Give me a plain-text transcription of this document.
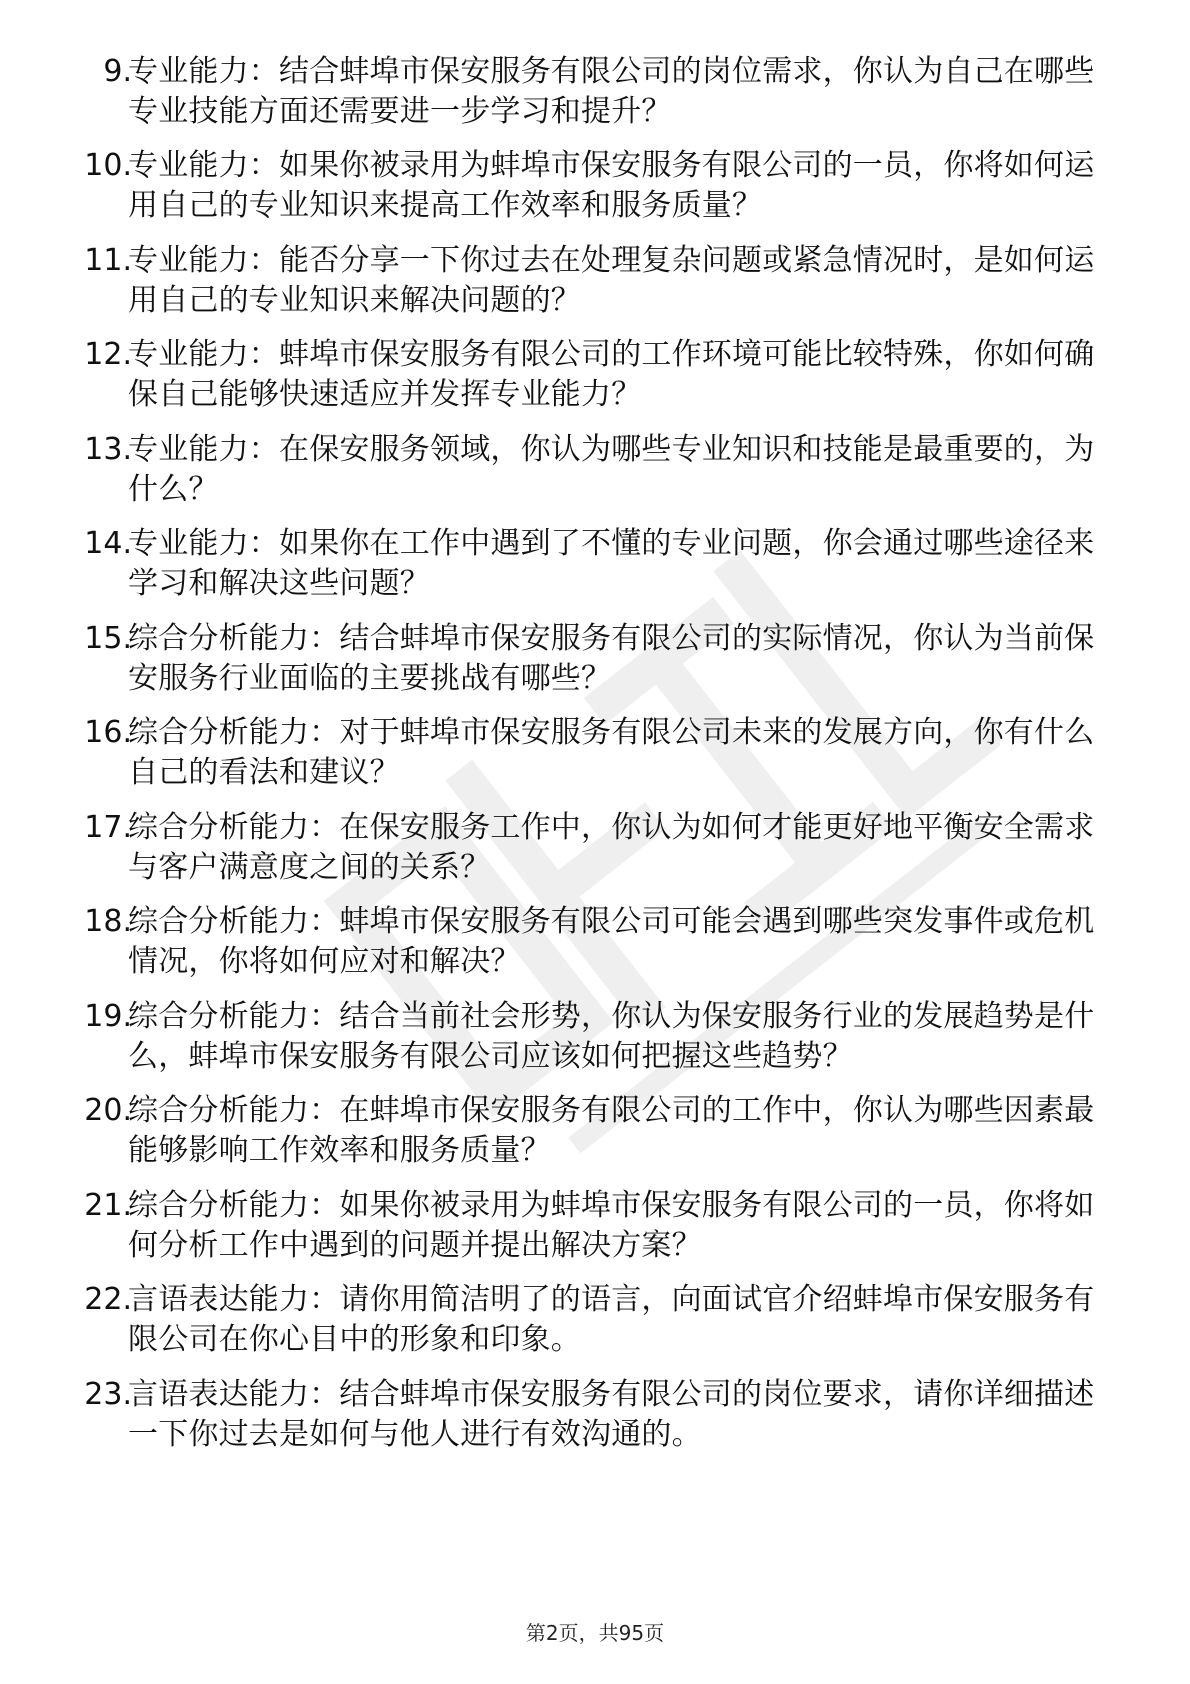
9.
专业能力：结合蚌埠市保安服务有限公司的岗位需求，你认为自己在哪些专业技能方面还需要进一步学习和提升？
10.
专业能力：如果你被录用为蚌埠市保安服务有限公司的一员，你将如何运用自己的专业知识来提高工作效率和服务质量？
11.
专业能力：能否分享一下你过去在处理复杂问题或紧急情况时，是如何运用自己的专业知识来解决问题的？
12.
专业能力：蚌埠市保安服务有限公司的工作环境可能比较特殊，你如何确保自己能够快速适应并发挥专业能力？
13.
专业能力：在保安服务领域，你认为哪些专业知识和技能是最重要的，为什么？
14.
专业能力：如果你在工作中遇到了不懂的专业问题，你会通过哪些途径来学习和解决这些问题？
15.
综合分析能力：结合蚌埠市保安服务有限公司的实际情况，你认为当前保安服务行业面临的主要挑战有哪些？
16.
综合分析能力：对于蚌埠市保安服务有限公司未来的发展方向，你有什么自己的看法和建议？
17.
综合分析能力：在保安服务工作中，你认为如何才能更好地平衡安全需求与客户满意度之间的关系？
18.
综合分析能力：蚌埠市保安服务有限公司可能会遇到哪些突发事件或危机情况，你将如何应对和解决？
19.
综合分析能力：结合当前社会形势，你认为保安服务行业的发展趋势是什么，蚌埠市保安服务有限公司应该如何把握这些趋势？
20.
综合分析能力：在蚌埠市保安服务有限公司的工作中，你认为哪些因素最能够影响工作效率和服务质量？
21.
综合分析能力：如果你被录用为蚌埠市保安服务有限公司的一员，你将如何分析工作中遇到的问题并提出解决方案？
22.
言语表达能力：请你用简洁明了的语言，向面试官介绍蚌埠市保安服务有限公司在你心目中的形象和印象。
23.
言语表达能力：结合蚌埠市保安服务有限公司的岗位要求，请你详细描述一下你过去是如何与他人进行有效沟通的。
第2页，共95页
